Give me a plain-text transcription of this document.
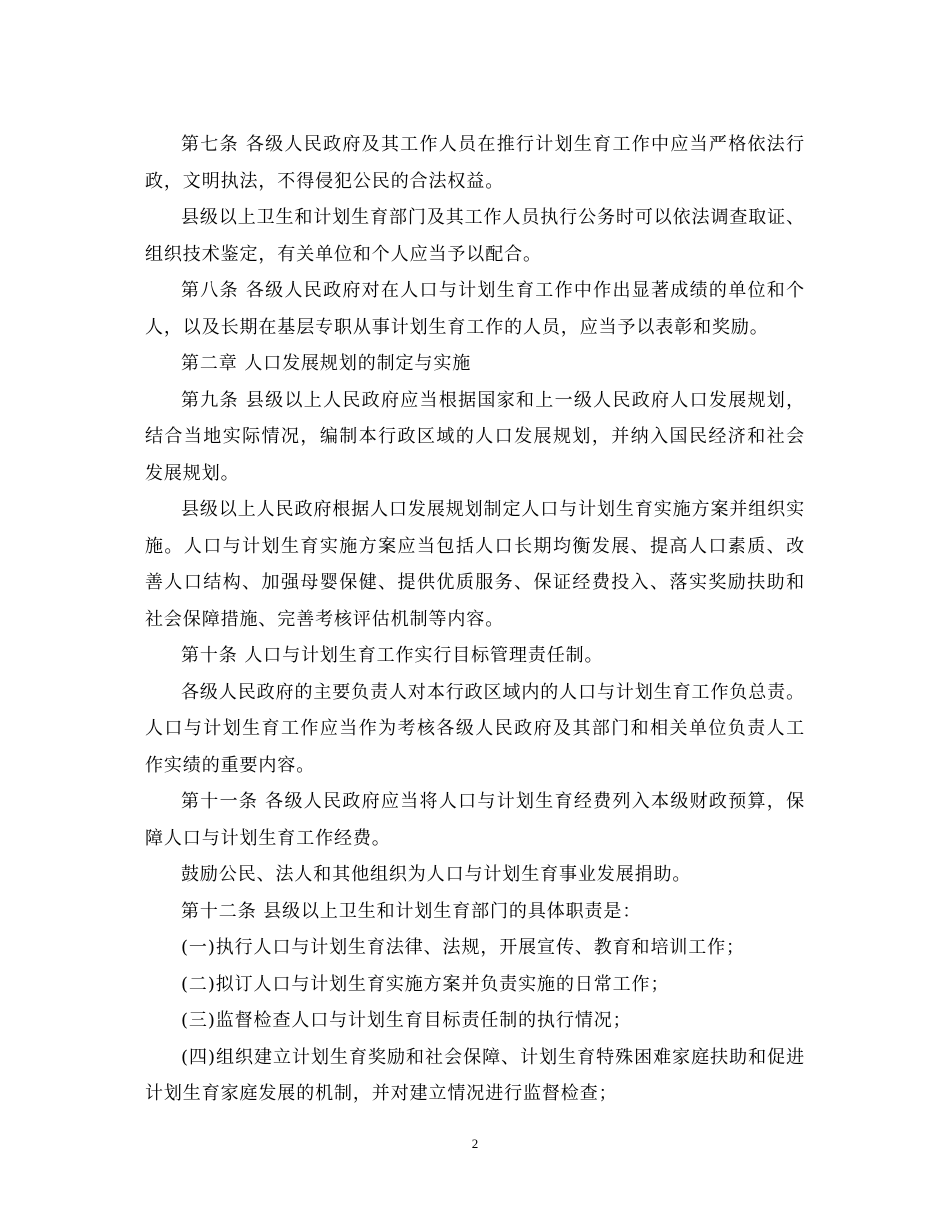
第七条 各级人民政府及其工作人员在推行计划生育工作中应当严格依法行政，文明执法，不得侵犯公民的合法权益。

县级以上卫生和计划生育部门及其工作人员执行公务时可以依法调查取证、组织技术鉴定，有关单位和个人应当予以配合。

第八条 各级人民政府对在人口与计划生育工作中作出显著成绩的单位和个人，以及长期在基层专职从事计划生育工作的人员，应当予以表彰和奖励。

第二章 人口发展规划的制定与实施

第九条 县级以上人民政府应当根据国家和上一级人民政府人口发展规划，结合当地实际情况，编制本行政区域的人口发展规划，并纳入国民经济和社会发展规划。

县级以上人民政府根据人口发展规划制定人口与计划生育实施方案并组织实施。人口与计划生育实施方案应当包括人口长期均衡发展、提高人口素质、改善人口结构、加强母婴保健、提供优质服务、保证经费投入、落实奖励扶助和社会保障措施、完善考核评估机制等内容。

第十条 人口与计划生育工作实行目标管理责任制。

各级人民政府的主要负责人对本行政区域内的人口与计划生育工作负总责。人口与计划生育工作应当作为考核各级人民政府及其部门和相关单位负责人工作实绩的重要内容。

第十一条 各级人民政府应当将人口与计划生育经费列入本级财政预算，保障人口与计划生育工作经费。

鼓励公民、法人和其他组织为人口与计划生育事业发展捐助。

第十二条 县级以上卫生和计划生育部门的具体职责是：

(一)执行人口与计划生育法律、法规，开展宣传、教育和培训工作；

(二)拟订人口与计划生育实施方案并负责实施的日常工作；

(三)监督检查人口与计划生育目标责任制的执行情况；

(四)组织建立计划生育奖励和社会保障、计划生育特殊困难家庭扶助和促进计划生育家庭发展的机制，并对建立情况进行监督检查；

2
